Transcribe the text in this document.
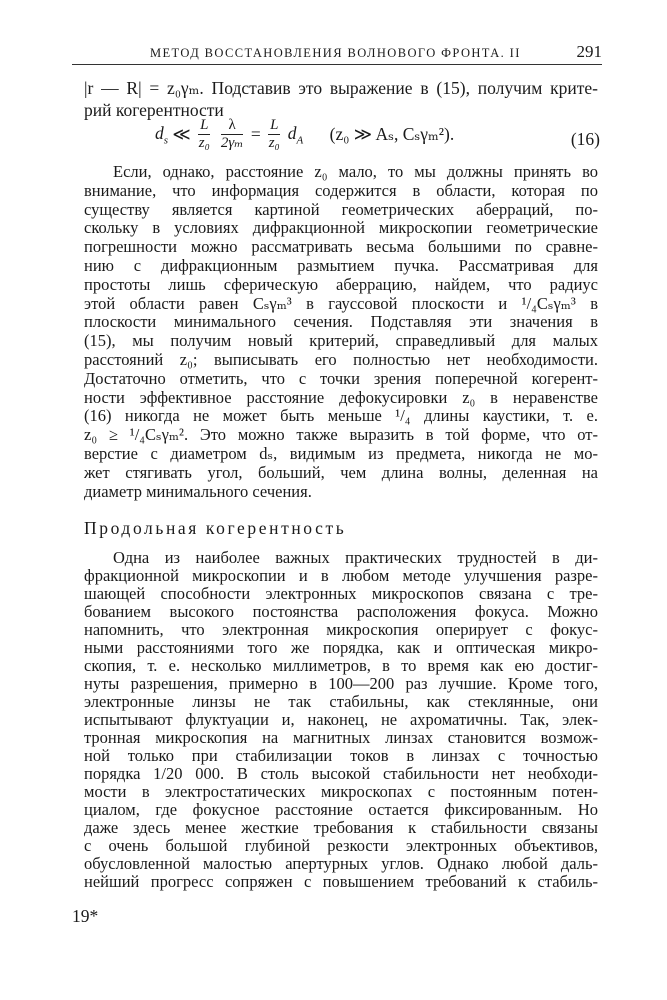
МЕТОД ВОССТАНОВЛЕНИЯ ВОЛНОВОГО ФРОНТА. II	291
|r — R| = z₀γₘ. Подставив это выражение в (15), получим крите-
рий когерентности
$d_s$ ≪ $\frac{L}{\text{z₀}}$
$\frac{\lambda}{\text{2γₘ}} = \frac{L}{\text{z₀}} d_A$ (z₀ ≫ Aₛ, Cₛγₘ²).	(16)
Если, однако, расстояние z₀ мало, то мы должны принять во
внимание, что информация содержится в области, которая по
существу является картиной геометрических аберраций, по-
скольку в условиях дифракционной микроскопии геометрические
погрешности можно рассматривать весьма большими по сравне-
нию с дифракционным размытием пучка. Рассматривая для
простоты лишь сферическую аберрацию, найдем, что радиус
этой области равен Cₛγₘ³ в гауссовой плоскости и ¹/₄Cₛγₘ³ в
плоскости минимального сечения. Подставляя эти значения в
(15), мы получим новый критерий, справедливый для малых
расстояний z₀; выписывать его полностью нет необходимости.
Достаточно отметить, что с точки зрения поперечной когерент-
ности эффективное расстояние дефокусировки z₀ в неравенстве
(16) никогда не может быть меньше ¹/₄ длины каустики, т. е.
z₀ ≥ ¹/₄Cₛγₘ². Это можно также выразить в той форме, что от-
верстие с диаметром dₛ, видимым из предмета, никогда не мо-
жет стягивать угол, больший, чем длина волны, деленная на
диаметр минимального сечения.
Продольная когерентность
Одна из наиболее важных практических трудностей в ди-
фракционной микроскопии и в любом методе улучшения разре-
шающей способности электронных микроскопов связана с тре-
бованием высокого постоянства расположения фокуса. Можно
напомнить, что электронная микроскопия оперирует с фокус-
ными расстояниями того же порядка, как и оптическая микро-
скопия, т. е. несколько миллиметров, в то время как ею достиг-
нуты разрешения, примерно в 100—200 раз лучшие. Кроме того,
электронные линзы не так стабильны, как стеклянные, они
испытывают флуктуации и, наконец, не ахроматичны. Так, элек-
тронная микроскопия на магнитных линзах становится возмож-
ной только при стабилизации токов в линзах с точностью
порядка 1/20 000. В столь высокой стабильности нет необходи-
мости в электростатических микроскопах с постоянным потен-
циалом, где фокусное расстояние остается фиксированным. Но
даже здесь менее жесткие требования к стабильности связаны
с очень большой глубиной резкости электронных объективов,
обусловленной малостью апертурных углов. Однако любой даль-
нейший прогресс сопряжен с повышением требований к стабиль-
19*
